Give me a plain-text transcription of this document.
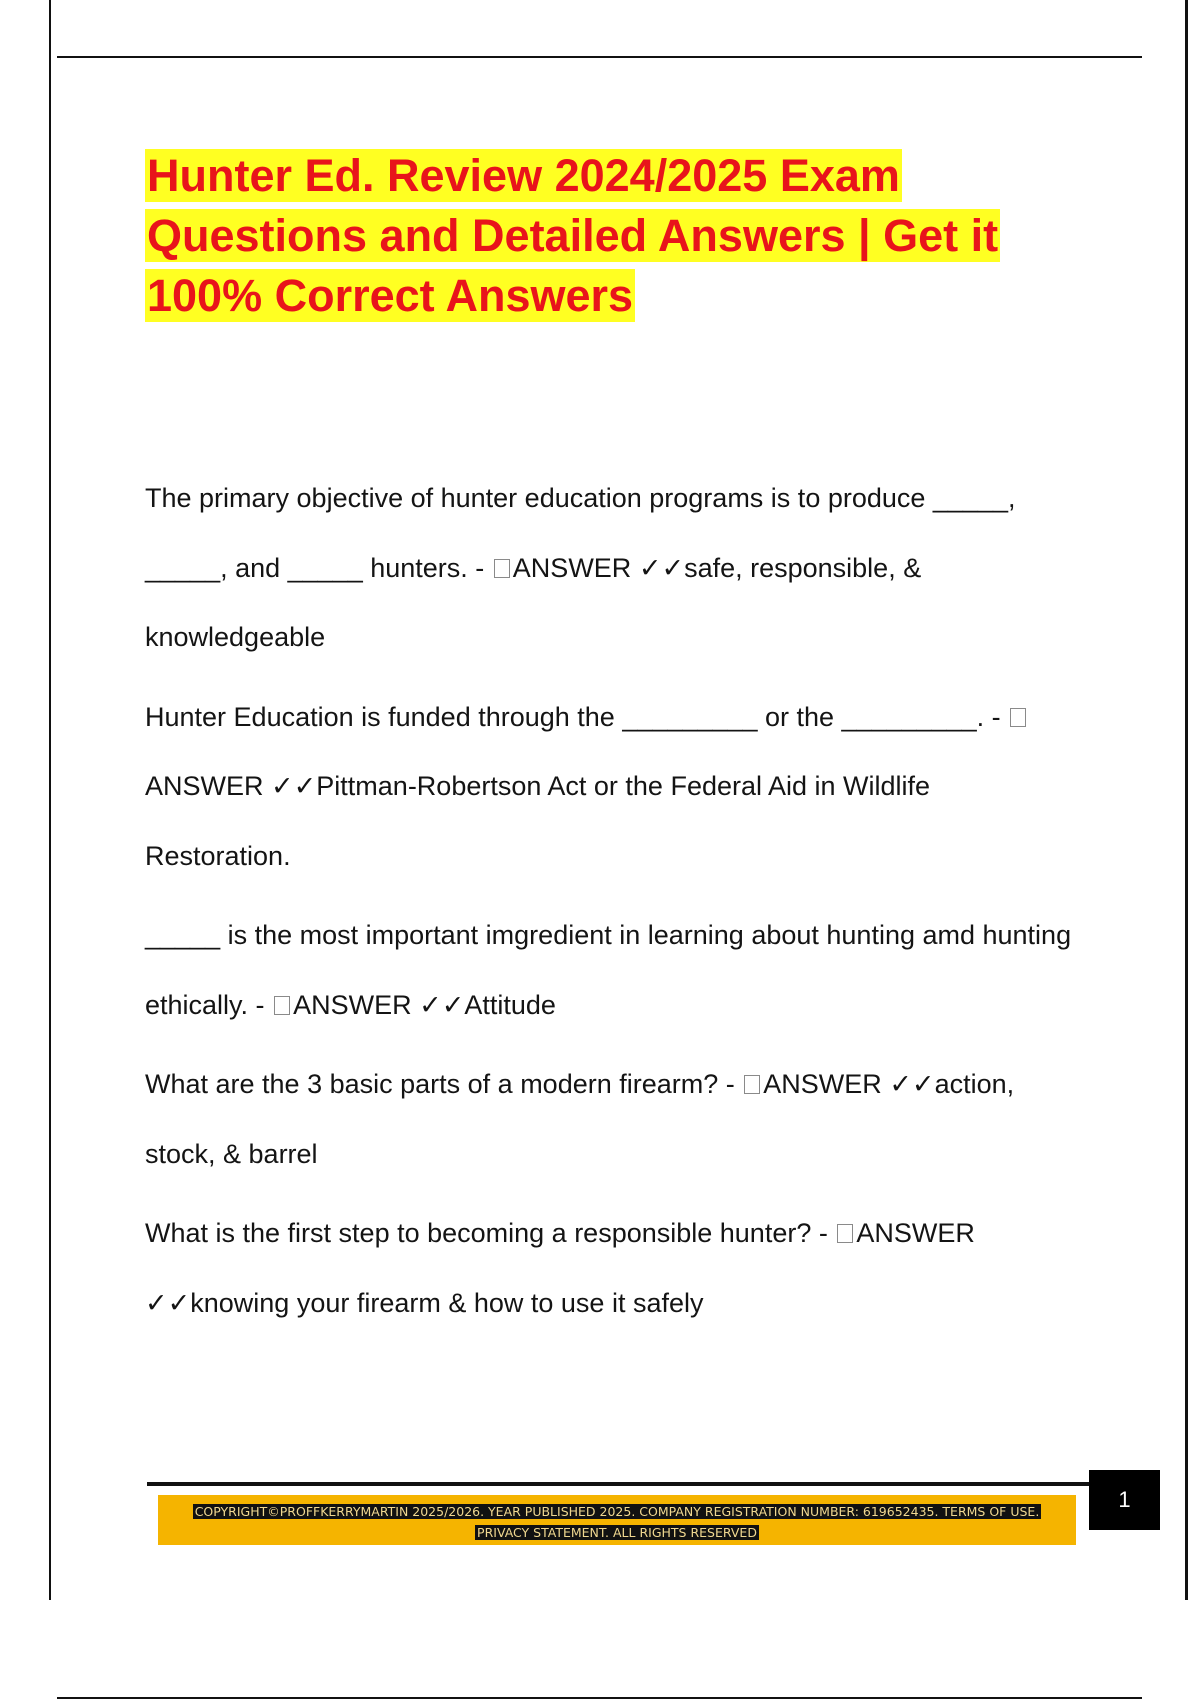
Hunter Ed. Review 2024/2025 Exam Questions and Detailed Answers | Get it 100% Correct Answers

The primary objective of hunter education programs is to produce _____, _____, and _____ hunters. - ANSWER ✓✓safe, responsible, & knowledgeable

Hunter Education is funded through the _________ or the _________. - ANSWER ✓✓Pittman-Robertson Act or the Federal Aid in Wildlife Restoration.

_____ is the most important imgredient in learning about hunting amd hunting ethically. - ANSWER ✓✓Attitude

What are the 3 basic parts of a modern firearm? - ANSWER ✓✓action, stock, & barrel

What is the first step to becoming a responsible hunter? - ANSWER ✓✓knowing your firearm & how to use it safely

1
COPYRIGHT©PROFFKERRYMARTIN 2025/2026. YEAR PUBLISHED 2025. COMPANY REGISTRATION NUMBER: 619652435. TERMS OF USE.
PRIVACY STATEMENT. ALL RIGHTS RESERVED
